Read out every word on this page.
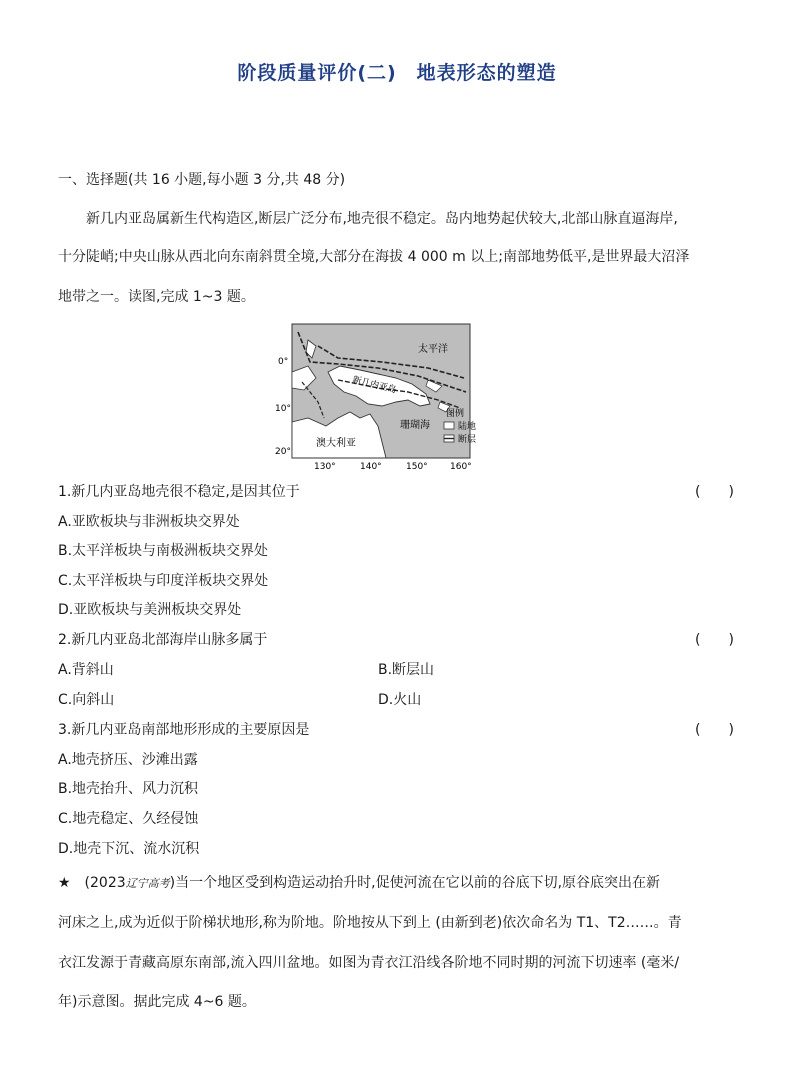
阶段质量评价(二)　地表形态的塑造
一、选择题(共 16 小题,每小题 3 分,共 48 分)
新几内亚岛属新生代构造区,断层广泛分布,地壳很不稳定。岛内地势起伏较大,北部山脉直逼海岸,
十分陡峭;中央山脉从西北向东南斜贯全境,大部分在海拔 4 000 m 以上;南部地势低平,是世界最大沼泽
地带之一。读图,完成 1~3 题。
0°
10°
20°
太平洋
新几内亚岛
珊瑚海
澳大利亚
图例
陆地
断层
130°	140°	150° 160°
1.新几内亚岛地壳很不稳定,是因其位于	(　　)
A.亚欧板块与非洲板块交界处
B.太平洋板块与南极洲板块交界处
C.太平洋板块与印度洋板块交界处
D.亚欧板块与美洲板块交界处
2.新几内亚岛北部海岸山脉多属于	(　　)
A.背斜山	B.断层山
C.向斜山	D.火山
3.新几内亚岛南部地形形成的主要原因是	(　　)
A.地壳挤压、沙滩出露
B.地壳抬升、风力沉积
C.地壳稳定、久经侵蚀
D.地壳下沉、流水沉积
★　(2023辽宁高考)当一个地区受到构造运动抬升时,促使河流在它以前的谷底下切,原谷底突出在新
河床之上,成为近似于阶梯状地形,称为阶地。阶地按从下到上 (由新到老)依次命名为 T1、T2……。青
衣江发源于青藏高原东南部,流入四川盆地。如图为青衣江沿线各阶地不同时期的河流下切速率 (毫米/
年)示意图。据此完成 4~6 题。
